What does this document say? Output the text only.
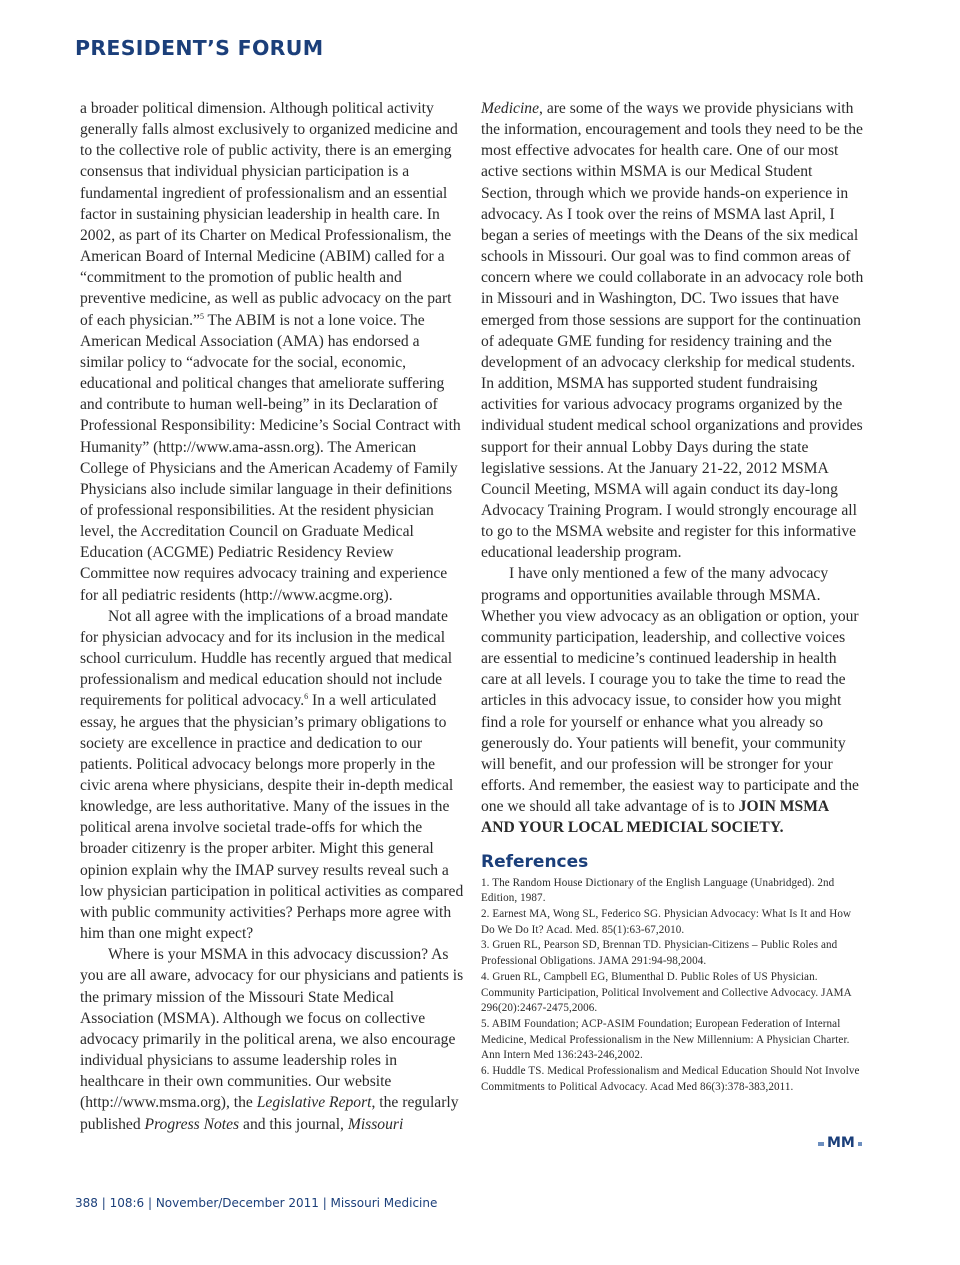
PRESIDENT’S FORUM

a broader political dimension. Although political activity generally falls almost exclusively to organized medicine and to the collective role of public activity, there is an emerging consensus that individual physician participation is a fundamental ingredient of professionalism and an essential factor in sustaining physician leadership in health care. In 2002, as part of its Charter on Medical Professionalism, the American Board of Internal Medicine (ABIM) called for a “commitment to the promotion of public health and preventive medicine, as well as public advocacy on the part of each physician.”$^5$ The ABIM is not a lone voice. The American Medical Association (AMA) has endorsed a similar policy to “advocate for the social, economic, educational and political changes that ameliorate suffering and contribute to human well-being” in its Declaration of Professional Responsibility: Medicine’s Social Contract with Humanity” (http://www.ama-assn.org). The American College of Physicians and the American Academy of Family Physicians also include similar language in their definitions of professional responsibilities. At the resident physician level, the Accreditation Council on Graduate Medical Education (ACGME) Pediatric Residency Review Committee now requires advocacy training and experience for all pediatric residents (http://www.acgme.org).

Not all agree with the implications of a broad mandate for physician advocacy and for its inclusion in the medical school curriculum. Huddle has recently argued that medical professionalism and medical education should not include requirements for political advocacy.$^6$ In a well articulated essay, he argues that the physician’s primary obligations to society are excellence in practice and dedication to our patients. Political advocacy belongs more properly in the civic arena where physicians, despite their in-depth medical knowledge, are less authoritative. Many of the issues in the political arena involve societal trade-offs for which the broader citizenry is the proper arbiter. Might this general opinion explain why the IMAP survey results reveal such a low physician participation in political activities as compared with public community activities? Perhaps more agree with him than one might expect?

Where is your MSMA in this advocacy discussion? As you are all aware, advocacy for our physicians and patients is the primary mission of the Missouri State Medical Association (MSMA). Although we focus on collective advocacy primarily in the political arena, we also encourage individual physicians to assume leadership roles in healthcare in their own communities. Our website (http://www.msma.org), the Legislative Report, the regularly published Progress Notes and this journal, Missouri

Medicine, are some of the ways we provide physicians with the information, encouragement and tools they need to be the most effective advocates for health care. One of our most active sections within MSMA is our Medical Student Section, through which we provide hands-on experience in advocacy. As I took over the reins of MSMA last April, I began a series of meetings with the Deans of the six medical schools in Missouri. Our goal was to find common areas of concern where we could collaborate in an advocacy role both in Missouri and in Washington, DC. Two issues that have emerged from those sessions are support for the continuation of adequate GME funding for residency training and the development of an advocacy clerkship for medical students. In addition, MSMA has supported student fundraising activities for various advocacy programs organized by the individual student medical school organizations and provides support for their annual Lobby Days during the state legislative sessions. At the January 21-22, 2012 MSMA Council Meeting, MSMA will again conduct its day-long Advocacy Training Program. I would strongly encourage all to go to the MSMA website and register for this informative educational leadership program.

I have only mentioned a few of the many advocacy programs and opportunities available through MSMA. Whether you view advocacy as an obligation or option, your community participation, leadership, and collective voices are essential to medicine’s continued leadership in health care at all levels. I courage you to take the time to read the articles in this advocacy issue, to consider how you might find a role for yourself or enhance what you already so generously do. Your patients will benefit, your community will benefit, and our profession will be stronger for your efforts. And remember, the easiest way to participate and the one we should all take advantage of is to JOIN MSMA AND YOUR LOCAL MEDICIAL SOCIETY.

References

1. The Random House Dictionary of the English Language (Unabridged). 2nd Edition, 1987.

2. Earnest MA, Wong SL, Federico SG. Physician Advocacy: What Is It and How Do We Do It? Acad. Med. 85(1):63-67,2010.

3. Gruen RL, Pearson SD, Brennan TD. Physician-Citizens – Public Roles and Professional Obligations. JAMA 291:94-98,2004.

4. Gruen RL, Campbell EG, Blumenthal D. Public Roles of US Physician. Community Participation, Political Involvement and Collective Advocacy. JAMA 296(20):2467-2475,2006.

5. ABIM Foundation; ACP-ASIM Foundation; European Federation of Internal Medicine, Medical Professionalism in the New Millennium: A Physician Charter. Ann Intern Med 136:243-246,2002.

6. Huddle TS. Medical Professionalism and Medical Education Should Not Involve Commitments to Political Advocacy. Acad Med 86(3):378-383,2011.

MM
388 | 108:6 | November/December 2011 | Missouri Medicine
